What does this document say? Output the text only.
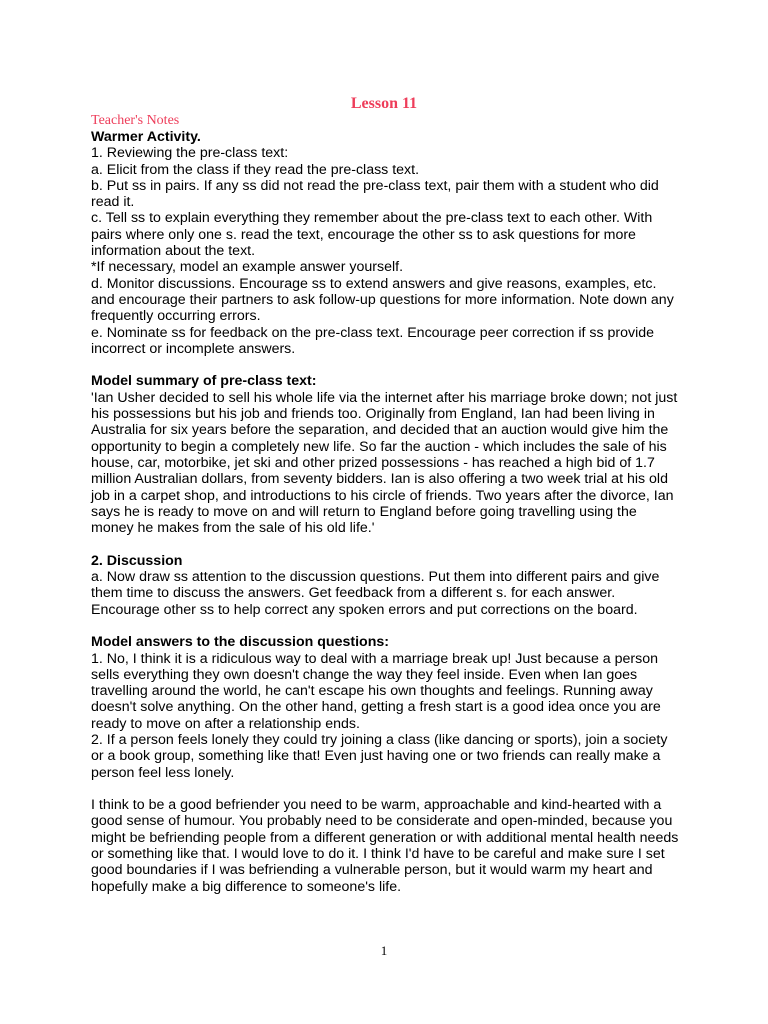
Lesson 11
Teacher's Notes

Warmer Activity.

1. Reviewing the pre-class text:

a. Elicit from the class if they read the pre-class text.

b. Put ss in pairs. If any ss did not read the pre-class text, pair them with a student who did read it.

c. Tell ss to explain everything they remember about the pre-class text to each other. With pairs where only one s. read the text, encourage the other ss to ask questions for more information about the text.

*If necessary, model an example answer yourself.

d. Monitor discussions. Encourage ss to extend answers and give reasons, examples, etc. and encourage their partners to ask follow-up questions for more information. Note down any frequently occurring errors.

e. Nominate ss for feedback on the pre-class text. Encourage peer correction if ss provide incorrect or incomplete answers.

Model summary of pre-class text:

'Ian Usher decided to sell his whole life via the internet after his marriage broke down; not just his possessions but his job and friends too. Originally from England, Ian had been living in Australia for six years before the separation, and decided that an auction would give him the opportunity to begin a completely new life. So far the auction - which includes the sale of his house, car, motorbike, jet ski and other prized possessions - has reached a high bid of 1.7 million Australian dollars, from seventy bidders. Ian is also offering a two week trial at his old job in a carpet shop, and introductions to his circle of friends. Two years after the divorce, Ian says he is ready to move on and will return to England before going travelling using the money he makes from the sale of his old life.'

2. Discussion

a. Now draw ss attention to the discussion questions. Put them into different pairs and give them time to discuss the answers. Get feedback from a different s. for each answer. Encourage other ss to help correct any spoken errors and put corrections on the board.

Model answers to the discussion questions:

1. No, I think it is a ridiculous way to deal with a marriage break up! Just because a person sells everything they own doesn't change the way they feel inside. Even when Ian goes travelling around the world, he can't escape his own thoughts and feelings. Running away doesn't solve anything. On the other hand, getting a fresh start is a good idea once you are ready to move on after a relationship ends.

2. If a person feels lonely they could try joining a class (like dancing or sports), join a society or a book group, something like that! Even just having one or two friends can really make a person feel less lonely.

I think to be a good befriender you need to be warm, approachable and kind-hearted with a good sense of humour. You probably need to be considerate and open-minded, because you might be befriending people from a different generation or with additional mental health needs or something like that. I would love to do it. I think I'd have to be careful and make sure I set good boundaries if I was befriending a vulnerable person, but it would warm my heart and hopefully make a big difference to someone's life.

1
